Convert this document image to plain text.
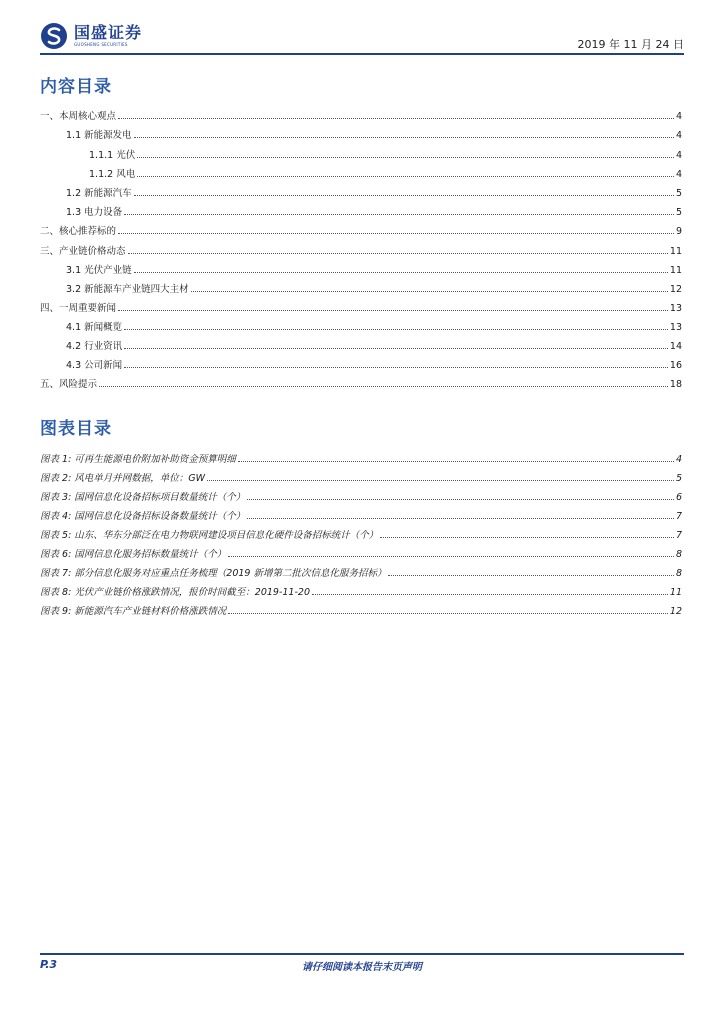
国盛证券
GUOSHENG SECURITIES	2019 年 11 月 24 日
内容目录
一、本周核心观点	4
1.1 新能源发电	4
1.1.1 光伏	4
1.1.2 风电	4
1.2 新能源汽车	5
1.3 电力设备	5
二、核心推荐标的	9
三、产业链价格动态	11
3.1 光伏产业链	11
3.2 新能源车产业链四大主材	12
四、一周重要新闻	13
4.1 新闻概览	13
4.2 行业资讯	14
4.3 公司新闻	16
五、风险提示	18
图表目录
图表 1: 可再生能源电价附加补助资金预算明细	4
图表 2: 风电单月并网数据，单位：GW	5
图表 3: 国网信息化设备招标项目数量统计（个）	6
图表 4: 国网信息化设备招标设备数量统计（个）	7
图表 5: 山东、华东分部泛在电力物联网建设项目信息化硬件设备招标统计（个）	7
图表 6: 国网信息化服务招标数量统计（个）	8
图表 7: 部分信息化服务对应重点任务梳理（2019 新增第二批次信息化服务招标）	8
图表 8: 光伏产业链价格涨跌情况，报价时间截至：2019-11-20	11
图表 9: 新能源汽车产业链材料价格涨跌情况	12
请仔细阅读本报告末页声明
P.3
